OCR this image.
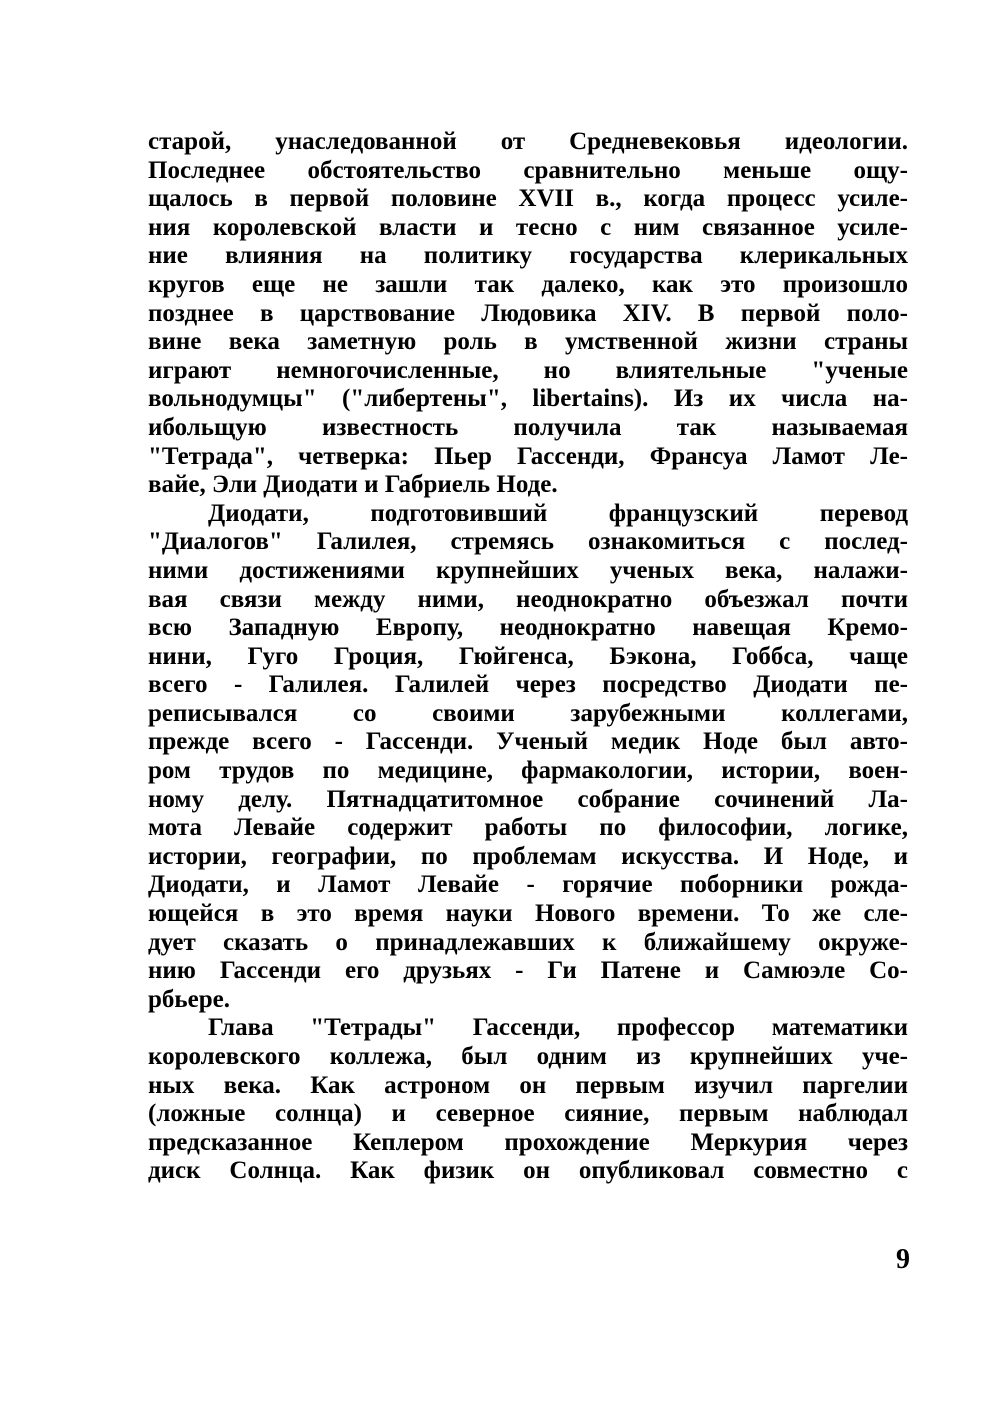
старой, унаследованной от Средневековья идеологии.
Последнее обстоятельство сравнительно меньше ощу-
щалось в первой половине XVII в., когда процесс усиле-
ния королевской власти и тесно с ним связанное усиле-
ние влияния на политику государства клерикальных
кругов еще не зашли так далеко, как это произошло
позднее в царствование Людовика XIV. В первой поло-
вине века заметную роль в умственной жизни страны
играют немногочисленные, но влиятельные "ученые
вольнодумцы" ("либертены", libertains). Из их числа на-
ибольщую известность получила так называемая
"Тетрада", четверка: Пьер Гассенди, Франсуа Ламот Ле-
вайе, Эли Диодати и Габриель Ноде.
Диодати, подготовивший французский перевод
"Диалогов" Галилея, стремясь ознакомиться с послед-
ними достижениями крупнейших ученых века, налажи-
вая связи между ними, неоднократно объезжал почти
всю Западную Европу, неоднократно навещая Кремо-
нини, Гуго Гроция, Гюйгенса, Бэкона, Гоббса, чаще
всего - Галилея. Галилей через посредство Диодати пе-
реписывался со своими зарубежными коллегами,
прежде всего - Гассенди. Ученый медик Ноде был авто-
ром трудов по медицине, фармакологии, истории, воен-
ному делу. Пятнадцатитомное собрание сочинений Ла-
мота Левайе содержит работы по философии, логике,
истории, географии, по проблемам искусства. И Ноде, и
Диодати, и Ламот Левайе - горячие поборники рожда-
ющейся в это время науки Нового времени. То же сле-
дует сказать о принадлежавших к ближайшему окруже-
нию Гассенди его друзьях - Ги Патене и Самюэле Со-
рбьере.
Глава "Тетрады" Гассенди, профессор математики
королевского коллежа, был одним из крупнейших уче-
ных века. Как астроном он первым изучил паргелии
(ложные солнца) и северное сияние, первым наблюдал
предсказанное Кеплером прохождение Меркурия через
диск Солнца. Как физик он опубликовал совместно с
9
